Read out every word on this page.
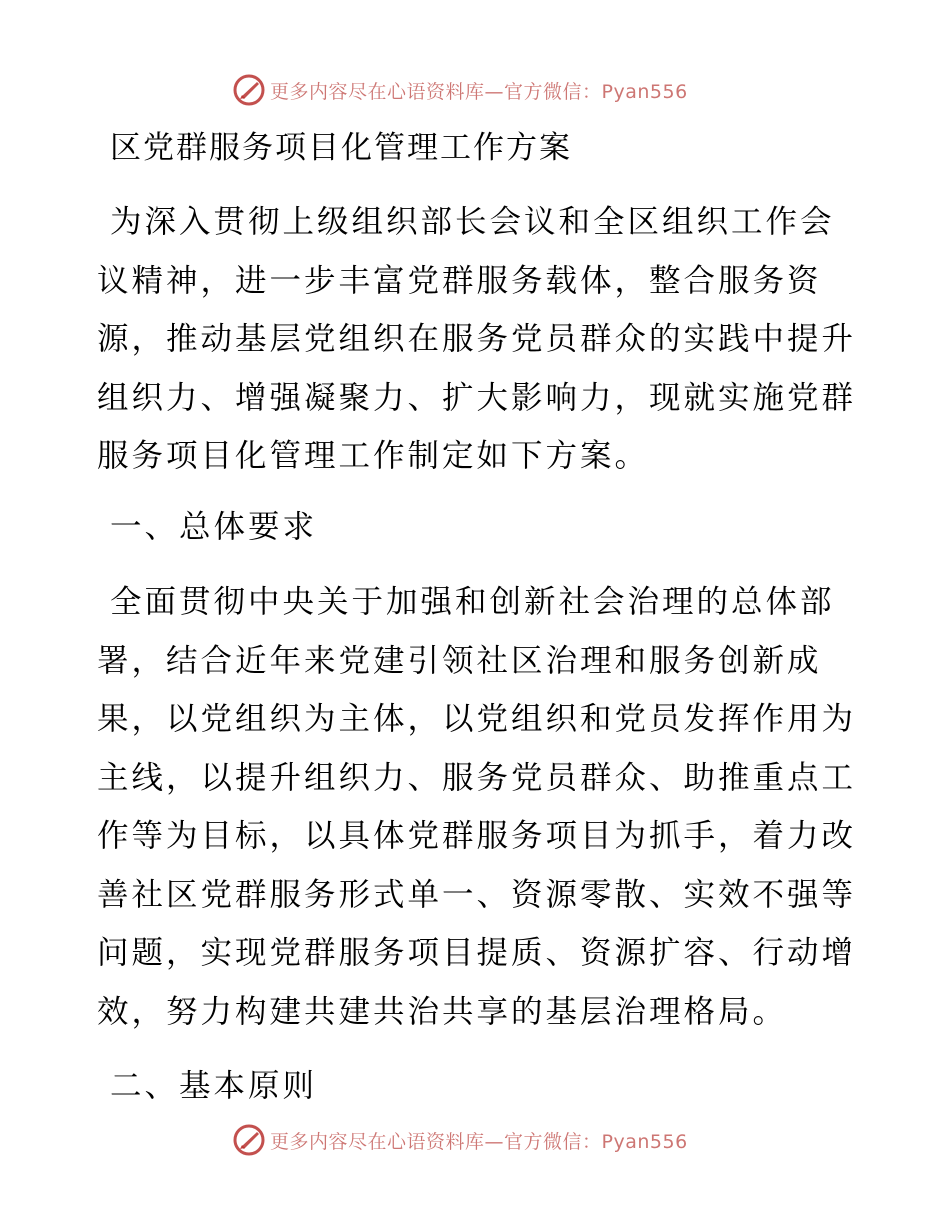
更多内容尽在心语资料库—官方微信：Pyan556
区党群服务项目化管理工作方案

为深入贯彻上级组织部长会议和全区组织工作会议精神，进一步丰富党群服务载体，整合服务资源，推动基层党组织在服务党员群众的实践中提升组织力、增强凝聚力、扩大影响力，现就实施党群服务项目化管理工作制定如下方案。

一、总体要求

全面贯彻中央关于加强和创新社会治理的总体部署，结合近年来党建引领社区治理和服务创新成果，以党组织为主体，以党组织和党员发挥作用为主线，以提升组织力、服务党员群众、助推重点工作等为目标，以具体党群服务项目为抓手，着力改善社区党群服务形式单一、资源零散、实效不强等问题，实现党群服务项目提质、资源扩容、行动增效，努力构建共建共治共享的基层治理格局。

二、基本原则
更多内容尽在心语资料库—官方微信：Pyan556
